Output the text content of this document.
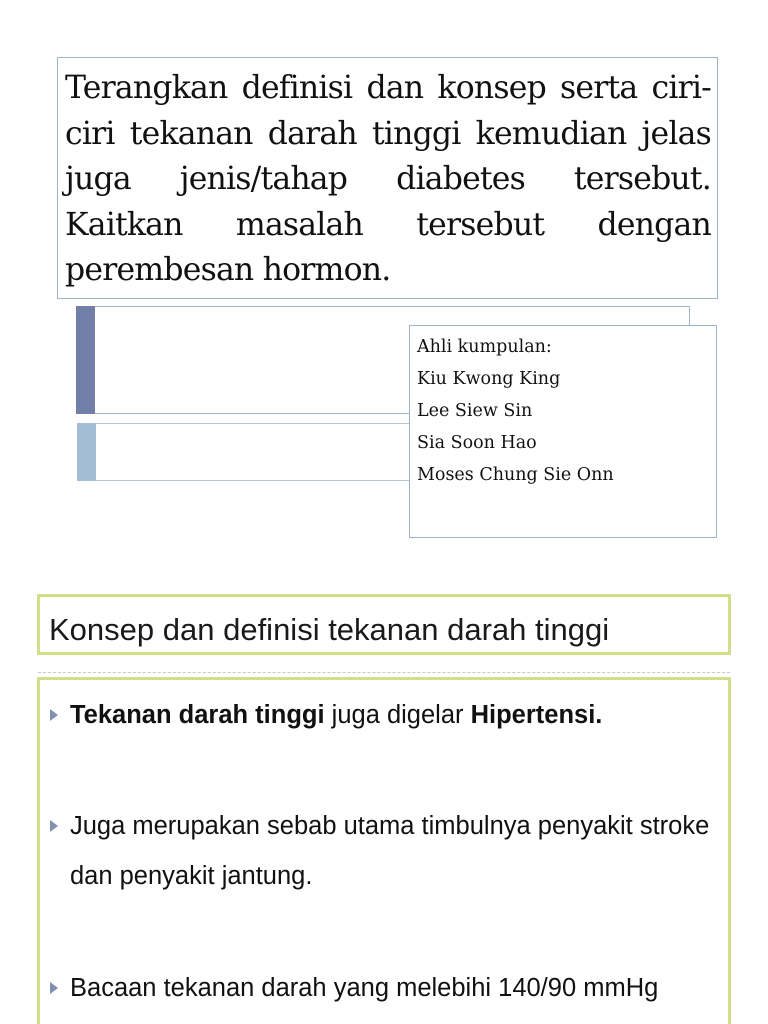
Terangkan definisi dan konsep serta ciri-ciri tekanan darah tinggi kemudian jelas juga jenis/tahap diabetes tersebut. Kaitkan masalah tersebut dengan perembesan hormon.
Ahli kumpulan:
Kiu Kwong King
Lee Siew Sin
Sia Soon Hao
Moses Chung Sie Onn
Konsep dan definisi tekanan darah tinggi
Tekanan darah tinggi juga digelar Hipertensi.
Juga merupakan sebab utama timbulnya penyakit stroke dan penyakit jantung.
Bacaan tekanan darah yang melebihi 140/90 mmHg
